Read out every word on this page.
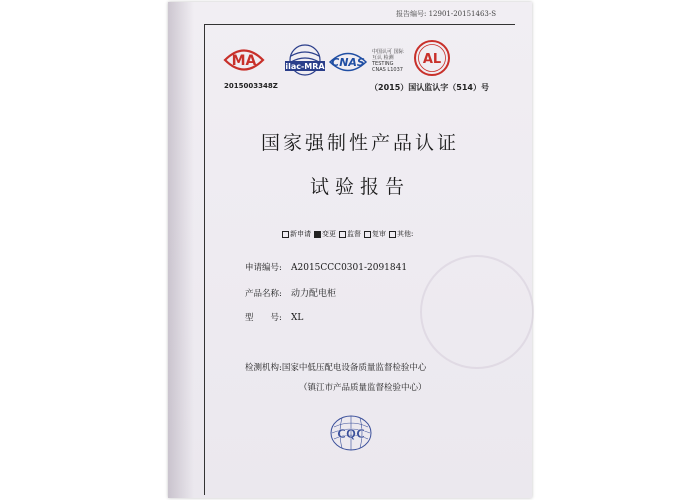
报告编号: 12901-20151463-S
MA
2015003348Z
ilac-MRA CNAS
中国认可 国际互认 检测 TESTING CNAS L1037
AL
（2015）国认监认字（514）号
国家强制性产品认证
试验报告
新申请	变更	监督	复审	其他:
申请编号: A2015CCC0301-2091841
产品名称: 动力配电柜
型　　号: XL
检测机构:国家中低压配电设备质量监督检验中心
（镇江市产品质量监督检验中心）
CQC
